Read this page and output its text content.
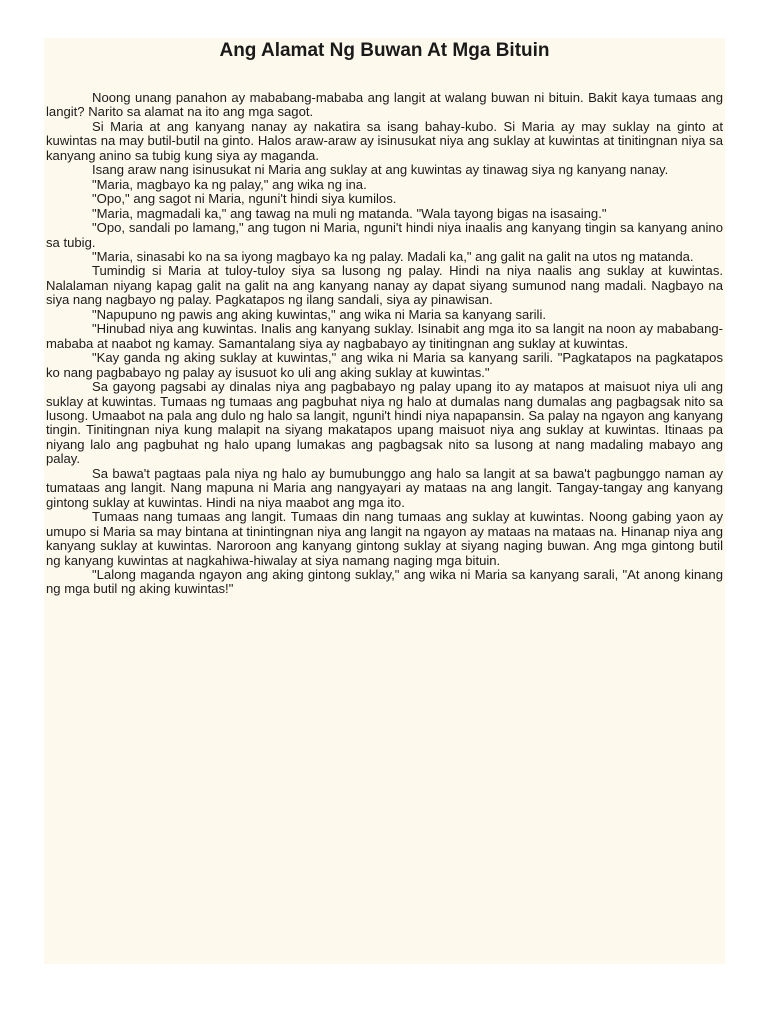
Ang Alamat Ng Buwan At Mga Bituin

Noong unang panahon ay mababang-mababa ang langit at walang buwan ni bituin. Bakit kaya tumaas ang langit? Narito sa alamat na ito ang mga sagot.

Si Maria at ang kanyang nanay ay nakatira sa isang bahay-kubo. Si Maria ay may suklay na ginto at kuwintas na may butil-butil na ginto. Halos araw-araw ay isinusukat niya ang suklay at kuwintas at tinitingnan niya sa kanyang anino sa tubig kung siya ay maganda.

Isang araw nang isinusukat ni Maria ang suklay at ang kuwintas ay tinawag siya ng kanyang nanay.

"Maria, magbayo ka ng palay," ang wika ng ina.

"Opo," ang sagot ni Maria, nguni't hindi siya kumilos.

"Maria, magmadali ka," ang tawag na muli ng matanda. "Wala tayong bigas na isasaing."

"Opo, sandali po lamang," ang tugon ni Maria, nguni't hindi niya inaalis ang kanyang tingin sa kanyang anino sa tubig.

"Maria, sinasabi ko na sa iyong magbayo ka ng palay. Madali ka," ang galit na galit na utos ng matanda.

Tumindig si Maria at tuloy-tuloy siya sa lusong ng palay. Hindi na niya naalis ang suklay at kuwintas. Nalalaman niyang kapag galit na galit na ang kanyang nanay ay dapat siyang sumunod nang madali. Nagbayo na siya nang nagbayo ng palay. Pagkatapos ng ilang sandali, siya ay pinawisan.

"Napupuno ng pawis ang aking kuwintas," ang wika ni Maria sa kanyang sarili.

"Hinubad niya ang kuwintas. Inalis ang kanyang suklay. Isinabit ang mga ito sa langit na noon ay mababang-mababa at naabot ng kamay. Samantalang siya ay nagbabayo ay tinitingnan ang suklay at kuwintas.

"Kay ganda ng aking suklay at kuwintas," ang wika ni Maria sa kanyang sarili. "Pagkatapos na pagkatapos ko nang pagbabayo ng palay ay isusuot ko uli ang aking suklay at kuwintas."

Sa gayong pagsabi ay dinalas niya ang pagbabayo ng palay upang ito ay matapos at maisuot niya uli ang suklay at kuwintas. Tumaas ng tumaas ang pagbuhat niya ng halo at dumalas nang dumalas ang pagbagsak nito sa lusong. Umaabot na pala ang dulo ng halo sa langit, nguni't hindi niya napapansin. Sa palay na ngayon ang kanyang tingin. Tinitingnan niya kung malapit na siyang makatapos upang maisuot niya ang suklay at kuwintas. Itinaas pa niyang lalo ang pagbuhat ng halo upang lumakas ang pagbagsak nito sa lusong at nang madaling mabayo ang palay.

Sa bawa't pagtaas pala niya ng halo ay bumubunggo ang halo sa langit at sa bawa't pagbunggo naman ay tumataas ang langit. Nang mapuna ni Maria ang nangyayari ay mataas na ang langit. Tangay-tangay ang kanyang gintong suklay at kuwintas. Hindi na niya maabot ang mga ito.

Tumaas nang tumaas ang langit. Tumaas din nang tumaas ang suklay at kuwintas. Noong gabing yaon ay umupo si Maria sa may bintana at tinintingnan niya ang langit na ngayon ay mataas na mataas na. Hinanap niya ang kanyang suklay at kuwintas. Naroroon ang kanyang gintong suklay at siyang naging buwan. Ang mga gintong butil ng kanyang kuwintas at nagkahiwa-hiwalay at siya namang naging mga bituin.

"Lalong maganda ngayon ang aking gintong suklay," ang wika ni Maria sa kanyang sarali, "At anong kinang ng mga butil ng aking kuwintas!"
